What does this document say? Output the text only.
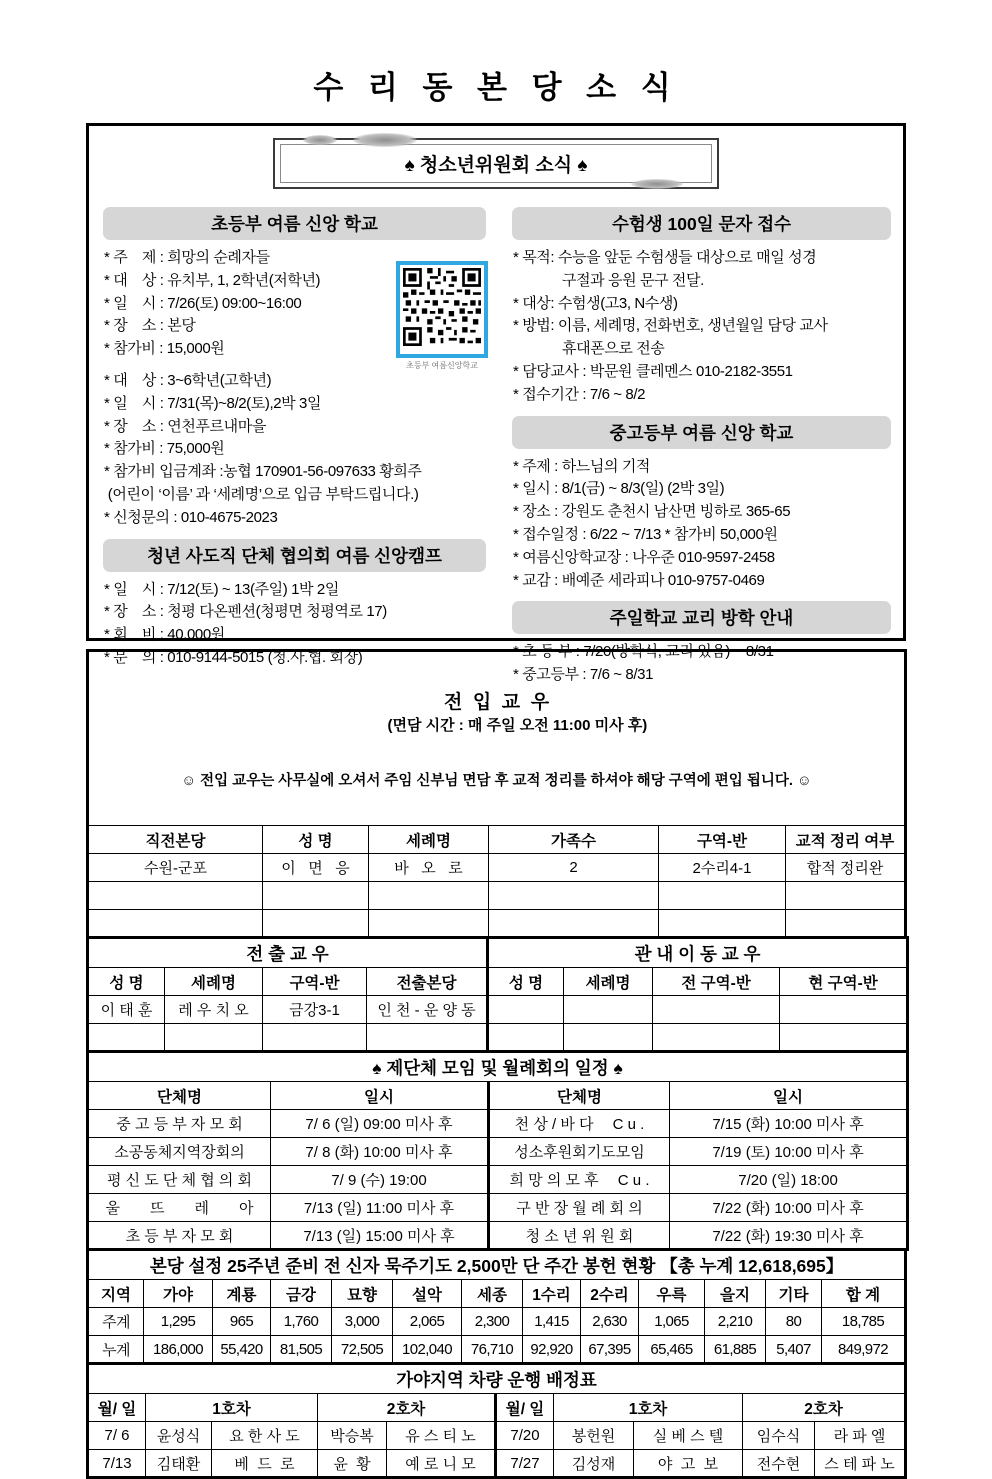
수 리 동 본 당 소 식
♠ 청소년위원회 소식 ♠
초등부 여름 신앙 학교
* 주　제 : 희망의 순례자들
* 대　상 : 유치부, 1, 2학년(저학년)
* 일　시 : 7/26(토) 09:00~16:00
* 장　소 : 본당
* 참가비 : 15,000원
* 대　상 : 3~6학년(고학년)
* 일　시 : 7/31(목)~8/2(토),2박 3일
* 장　소 : 연천푸르내마을
* 참가비 : 75,000원
* 참가비 입금계좌 :농협 170901-56-097633 황희주
(어린이 ‘이름’ 과 ‘세례명’으로 입금 부탁드립니다.)
* 신청문의 : 010-4675-2023
초등부 여름신앙학교
청년 사도직 단체 협의회 여름 신앙캠프
* 일　시 : 7/12(토) ~ 13(주일) 1박 2일
* 장　소 : 청평 다온펜션(청평면 청평역로 17)
* 회　비 : 40,000원
* 문　의 : 010-9144-5015 (청.사.협. 회장)
수험생 100일 문자 접수
* 목적: 수능을 앞둔 수험생들 대상으로 매일 성경
구절과 응원 문구 전달.
* 대상: 수험생(고3, N수생)
* 방법: 이름, 세례명, 전화번호, 생년월일 담당 교사
휴대폰으로 전송
* 담당교사 : 박문원 클레멘스 010-2182-3551
* 접수기간 : 7/6 ~ 8/2
중고등부 여름 신앙 학교
* 주제 : 하느님의 기적
* 일시 : 8/1(금) ~ 8/3(일) (2박 3일)
* 장소 : 강원도 춘천시 남산면 빙하로 365-65
* 접수일정 : 6/22 ~ 7/13 * 참가비 50,000원
* 여름신앙학교장 : 나우준 010-9597-2458
* 교감 : 배예준 세라피나 010-9757-0469
주일학교 교리 방학 안내
* 초 등 부 : 7/20(방학식, 교리 있음) ~ 8/31
* 중고등부 : 7/6 ~ 8/31

전  입  교  우
(면담 시간 : 매 주일 오전 11:00 미사 후)

☺ 전입 교우는 사무실에 오셔서 주임 신부님 면담 후 교적 정리를 하셔야 해당 구역에 편입 됩니다. ☺					

직전본당	성 명	세례명	가족수	구역-반	교적 정리 여부
수원-군포	이   면   응	바   오   로	2	2수리4-1	합적 정리완

전 출 교 우				관 내 이 동 교 우			
성 명	세례명	구역-반	전출본당	성 명	세례명	전 구역-반	현 구역-반
이 태 훈	레 우 치 오	금강3-1	인 천 - 운 양 동				

♠ 제단체 모임 및 월례회의 일정 ♠			
단체명	일시	단체명	일시
중 고 등 부 자 모 회	7/ 6 (일) 09:00 미사 후	천 상 / 바 다　 C u .	7/15 (화) 10:00 미사 후
소공동체지역장회의	7/ 8 (화) 10:00 미사 후	성소후원회기도모임	7/19 (토) 10:00 미사 후
평 신 도 단 체 협 의 회	7/ 9 (수) 19:00	희 망 의 모 후　 C u .	7/20 (일) 18:00
울　　뜨　　레　　아	7/13 (일) 11:00 미사 후	구 반 장 월 례 회 의	7/22 (화) 10:00 미사 후
초 등 부 자 모 회	7/13 (일) 15:00 미사 후	청 소 년 위 원 회	7/22 (화) 19:30 미사 후
본당 설정 25주년 준비 전 신자 묵주기도 2,500만 단 주간 봉헌 현황 【총 누계 12,618,695】												
지역	가야	계룡	금강	묘향	설악	세종	1수리	2수리	우륵	을지	기타	합 계
주계	1,295	965	1,760	3,000	2,065	2,300	1,415	2,630	1,065	2,210	80	18,785
누계	186,000	55,420	81,505	72,505	102,040	76,710	92,920	67,395	65,465	61,885	5,407	849,972
가야지역 차량 운행 배정표									
월/ 일	1호차		2호차		월/ 일	1호차		2호차	
7/ 6	윤성식	요 한 사 도	박승복	유 스 티 노	7/20	봉헌원	실 베 스 텔	임수식	라 파 엘
7/13	김태환	베  드  로	윤  황	예 로 니 모	7/27	김성재	야  고  보	전수현	스 테 파 노
